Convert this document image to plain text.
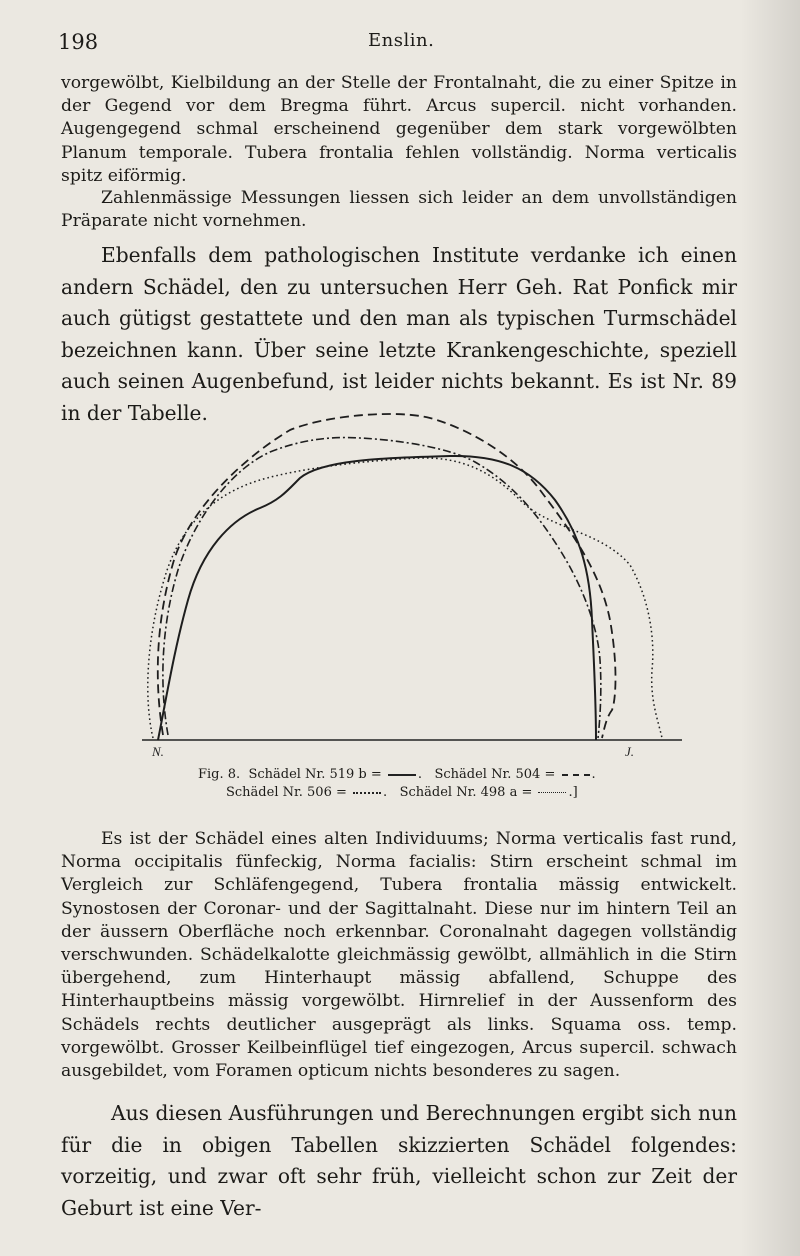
198	Enslin.

vorgewölbt, Kielbildung an der Stelle der Frontalnaht, die zu einer Spitze in der Gegend vor dem Bregma führt. Arcus supercil. nicht vorhanden. Augengegend schmal erscheinend gegenüber dem stark vorgewölbten Planum temporale. Tubera frontalia fehlen vollständig. Norma verticalis spitz eiförmig.

Zahlenmässige Messungen liessen sich leider an dem unvollständigen Präparate nicht vornehmen.

Ebenfalls dem pathologischen Institute verdanke ich einen andern Schädel, den zu untersuchen Herr Geh. Rat Ponfick mir auch gütigst gestattete und den man als typischen Turmschädel bezeichnen kann. Über seine letzte Krankengeschichte, speziell auch seinen Augenbefund, ist leider nichts bekannt. Es ist Nr. 89 in der Tabelle.

N.	J.
Fig. 8. Schädel Nr. 519 b =	. Schädel Nr. 504 =	.
Schädel Nr. 506 =	. Schädel Nr. 498 a =	.]

Es ist der Schädel eines alten Individuums; Norma verticalis fast rund, Norma occipitalis fünfeckig, Norma facialis: Stirn erscheint schmal im Vergleich zur Schläfengegend, Tubera frontalia mässig entwickelt. Synostosen der Coronar- und der Sagittalnaht. Diese nur im hintern Teil an der äussern Oberfläche noch erkennbar. Coronalnaht dagegen vollständig verschwunden. Schädelkalotte gleichmässig gewölbt, allmählich in die Stirn übergehend, zum Hinterhaupt mässig abfallend, Schuppe des Hinterhauptbeins mässig vorgewölbt. Hirnrelief in der Aussenform des Schädels rechts deutlicher ausgeprägt als links. Squama oss. temp. vorgewölbt. Grosser Keilbeinflügel tief eingezogen, Arcus supercil. schwach ausgebildet, vom Foramen opticum nichts besonderes zu sagen.

Aus diesen Ausführungen und Berechnungen ergibt sich nun für die in obigen Tabellen skizzierten Schädel folgendes: vorzeitig, und zwar oft sehr früh, vielleicht schon zur Zeit der Geburt ist eine Ver-
